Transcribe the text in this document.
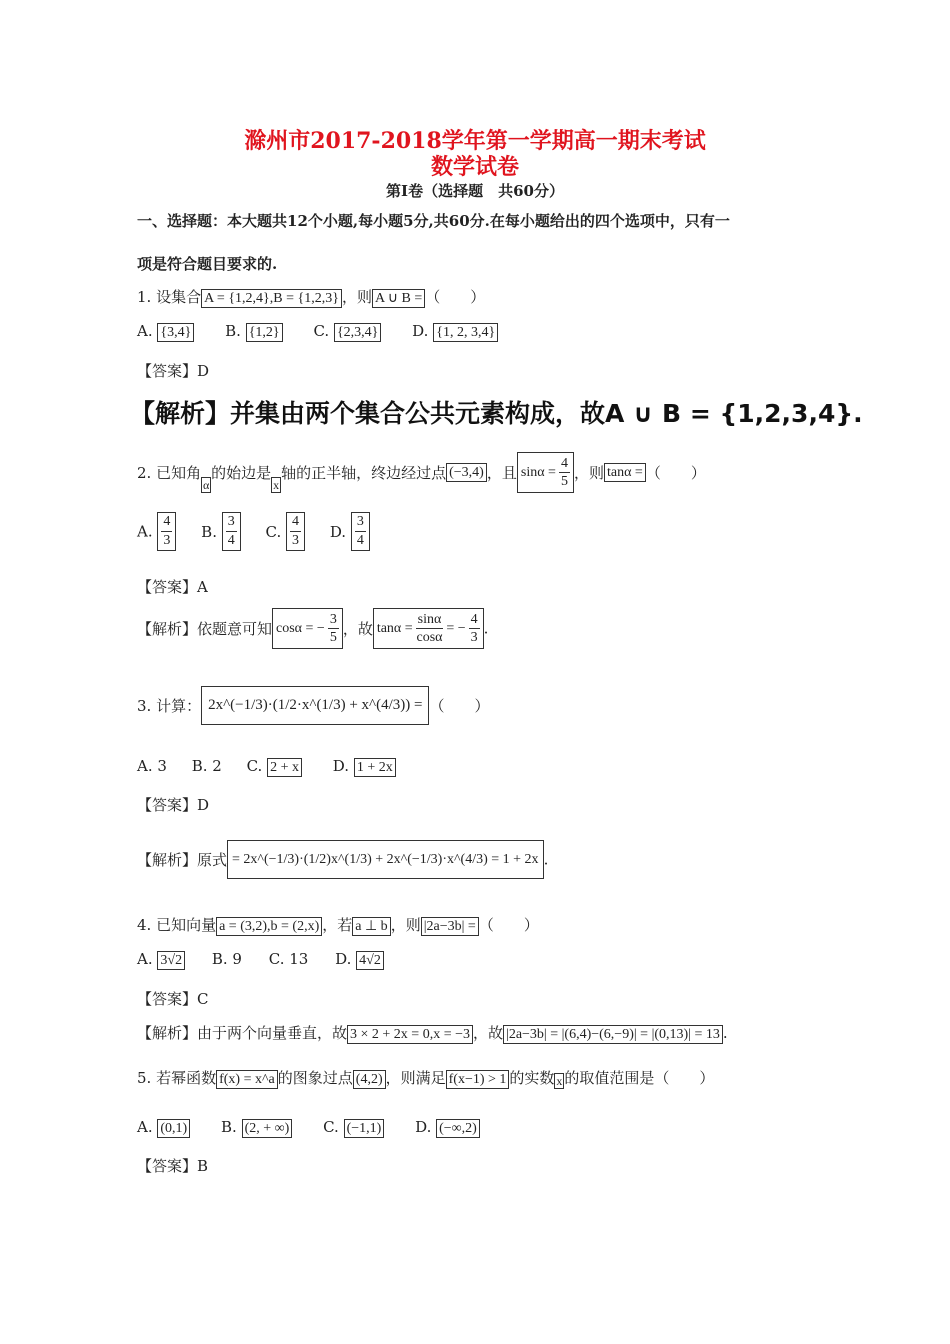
滁州市2017-2018学年第一学期高一期末考试
数学试卷
第Ⅰ卷（选择题　共60分）
一、选择题：本大题共12个小题,每小题5分,共60分.在每小题给出的四个选项中，只有一
项是符合题目要求的.
1. 设集合 A = {1,2,4},B = {1,2,3} ，则 A ∪ B = （　　）
A. {3,4} B. {1,2} C. {2,3,4} D. {1, 2, 3,4}
【答案】D
【解析】并集由两个集合公共元素构成，故A ∪ B = {1,2,3,4}.
2. 已知角α的始边是x轴的正半轴，终边经过点 (−3,4) ，且 $\sin\alpha = \frac{4}{5}$ ，则 tanα = （　　）
A. $\frac{4}{3} B$. $\frac{3}{4} C$. $\frac{4}{3} D$. $\frac{3}{4}$
【答案】A
【解析】依题意可知 cosα = − $\frac{3}{5}$ ，故 $\tan\alpha = \frac{\sin\alpha}{\cos\alpha}$ = − $\frac{4}{3}$ .
3. 计算： 2x^(−1/3)·(1/2·x^(1/3) + x^(4/3)) = （　　）
A. 3 B. 2 C. 2 + x D. 1 + 2x
【答案】D
【解析】原式 = 2x^(−1/3)·(1/2)x^(1/3) + 2x^(−1/3)·x^(4/3) = 1 + 2x .
4. 已知向量 a = (3,2),b = (2,x) ，若 a ⊥ b ，则 |2a−3b| = （　　）
A. 3√2 B. 9 C. 13 D. 4√2
【答案】C
【解析】由于两个向量垂直，故 3 × 2 + 2x = 0,x = −3 ，故 |2a−3b| = |(6,4)−(6,−9)| = |(0,13)| = 13 .
5. 若幂函数 f(x) = x^a 的图象过点 (4,2) ，则满足 f(x−1) > 1 的实数 x 的取值范围是（　　）
A. (0,1) B. (2, + ∞) C. (−1,1) D. (−∞,2)
【答案】B
